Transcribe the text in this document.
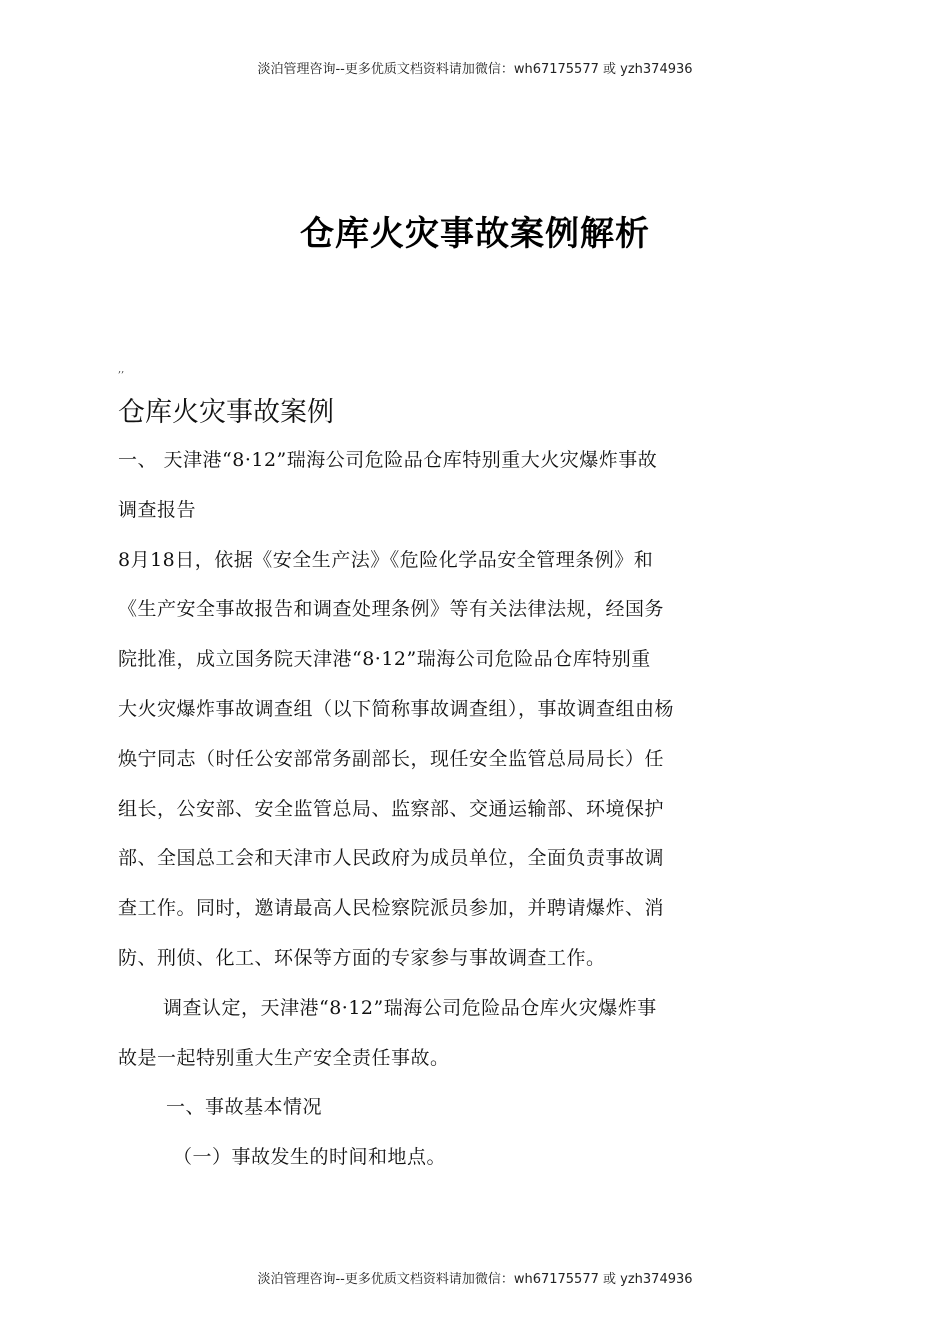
淡泊管理咨询--更多优质文档资料请加微信：wh67175577 或 yzh374936
仓库火灾事故案例解析
,,
仓库火灾事故案例
一、 天津港“8·12”瑞海公司危险品仓库特别重大火灾爆炸事故
调查报告
8月18日，依据《安全生产法》《危险化学品安全管理条例》和
《生产安全事故报告和调查处理条例》等有关法律法规，经国务
院批准，成立国务院天津港“8·12”瑞海公司危险品仓库特别重
大火灾爆炸事故调查组（以下简称事故调查组），事故调查组由杨
焕宁同志（时任公安部常务副部长，现任安全监管总局局长）任
组长，公安部、安全监管总局、监察部、交通运输部、环境保护
部、全国总工会和天津市人民政府为成员单位，全面负责事故调
查工作。同时，邀请最高人民检察院派员参加，并聘请爆炸、消
防、刑侦、化工、环保等方面的专家参与事故调查工作。
调查认定，天津港“8·12”瑞海公司危险品仓库火灾爆炸事
故是一起特别重大生产安全责任事故。
一、事故基本情况
（一）事故发生的时间和地点。
淡泊管理咨询--更多优质文档资料请加微信：wh67175577 或 yzh374936
